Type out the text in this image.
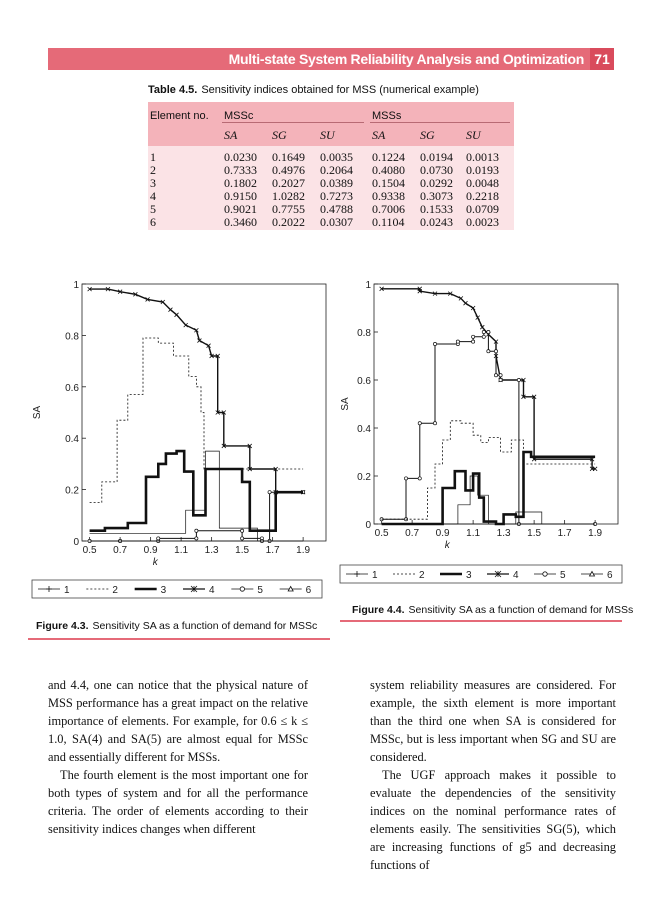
Multi-state System Reliability Analysis and Optimization 71
Table 4.5. Sensitivity indices obtained for MSS (numerical example)
Element no. MSSc	MSSs
SA	SG	SU	SA	SG	SU
1	0.0230 0.1649 0.0035 0.1224 0.0194 0.0013
2	0.7333 0.4976 0.2064 0.4080 0.0730 0.0193
3	0.1802 0.2027 0.0389 0.1504 0.0292 0.0048
4	0.9150 1.0282 0.7273 0.9338 0.3073 0.2218
5	0.9021 0.7755 0.4788 0.7006 0.1533 0.0709
6	0.3460 0.2022 0.0307 0.1104 0.0243 0.0023
0
0.2
0.4
0.6
0.8
1
0.5 0.7 0.9 1.1 1.3 1.5 1.7 1.9
k
SA
1	2	3	4	5	6
Figure 4.3. Sensitivity SA as a function of demand for MSSc
0
0.2
0.4
0.6
0.8
1
0.5 0.7 0.9 1.1 1.3 1.5 1.7 1.9
k
SA
1	2	3	4	5	6
Figure 4.4. Sensitivity SA as a function of demand for MSSs

and 4.4, one can notice that the physical nature of MSS performance has a great impact on the relative importance of elements. For example, for 0.6 ≤ k ≤ 1.0, SA(4) and SA(5) are almost equal for MSSc and essentially different for MSSs.

The fourth element is the most important one for both types of system and for all the performance criteria. The order of elements according to their sensitivity indices changes when different

system reliability measures are considered. For example, the sixth element is more important than the third one when SA is considered for MSSc, but is less important when SG and SU are considered.

The UGF approach makes it possible to evaluate the dependencies of the sensitivity indices on the nominal performance rates of elements easily. The sensitivities SG(5), which are increasing functions of g5 and decreasing functions of
